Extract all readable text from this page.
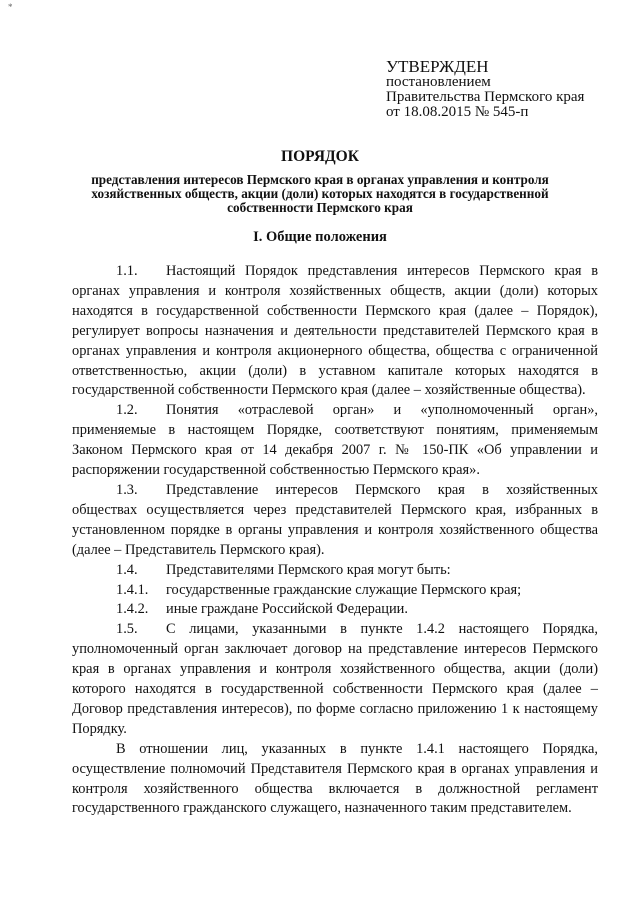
*
УТВЕРЖДЕН
постановлением
Правительства Пермского края
от 18.08.2015 № 545-п
ПОРЯДОК
представления интересов Пермского края в органах управления и контроля хозяйственных обществ, акции (доли) которых находятся в государственной собственности Пермского края
I. Общие положения

1.1. Настоящий Порядок представления интересов Пермского края в органах управления и контроля хозяйственных обществ, акции (доли) которых находятся в государственной собственности Пермского края (далее – Порядок), регулирует вопросы назначения и деятельности представителей Пермского края в органах управления и контроля акционерного общества, общества с ограниченной ответственностью, акции (доли) в уставном капитале которых находятся в государственной собственности Пермского края (далее – хозяйственные общества).

1.2. Понятия «отраслевой орган» и «уполномоченный орган», применяемые в настоящем Порядке, соответствуют понятиям, применяемым Законом Пермского края от 14 декабря 2007 г. № 150-ПК «Об управлении и распоряжении государственной собственностью Пермского края».

1.3. Представление интересов Пермского края в хозяйственных обществах осуществляется через представителей Пермского края, избранных в установленном порядке в органы управления и контроля хозяйственного общества (далее – Представитель Пермского края).

1.4. Представителями Пермского края могут быть:

1.4.1. государственные гражданские служащие Пермского края;

1.4.2. иные граждане Российской Федерации.

1.5. С лицами, указанными в пункте 1.4.2 настоящего Порядка, уполномоченный орган заключает договор на представление интересов Пермского края в органах управления и контроля хозяйственного общества, акции (доли) которого находятся в государственной собственности Пермского края (далее – Договор представления интересов), по форме согласно приложению 1 к настоящему Порядку.

В отношении лиц, указанных в пункте 1.4.1 настоящего Порядка, осуществление полномочий Представителя Пермского края в органах управления и контроля хозяйственного общества включается в должностной регламент государственного гражданского служащего, назначенного таким представителем.
